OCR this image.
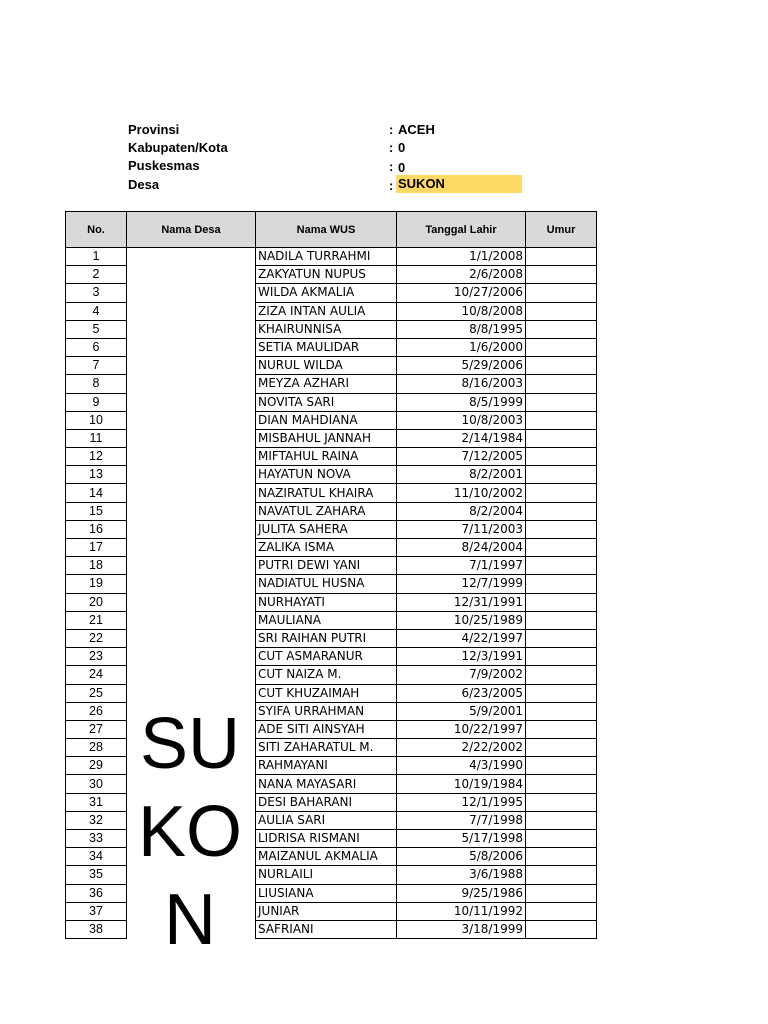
Provinsi	: ACEH
Kabupaten/Kota	: 0
Puskesmas	: 0
Desa	: SUKON
No.	Nama Desa	Nama WUS	Tanggal Lahir	Umur
1		NADILA TURRAHMI	1/1/2008	
2		ZAKYATUN NUPUS	2/6/2008	
3		WILDA AKMALIA	10/27/2006	
4		ZIZA INTAN AULIA	10/8/2008	
5		KHAIRUNNISA	8/8/1995	
6		SETIA MAULIDAR	1/6/2000	
7		NURUL WILDA	5/29/2006	
8		MEYZA AZHARI	8/16/2003	
9		NOVITA SARI	8/5/1999	
10		DIAN MAHDIANA	10/8/2003	
11		MISBAHUL JANNAH	2/14/1984	
12		MIFTAHUL RAINA	7/12/2005	
13		HAYATUN NOVA	8/2/2001	
14		NAZIRATUL KHAIRA	11/10/2002	
15		NAVATUL ZAHARA	8/2/2004	
16		JULITA SAHERA	7/11/2003	
17		ZALIKA ISMA	8/24/2004	
18		PUTRI DEWI YANI	7/1/1997	
19		NADIATUL HUSNA	12/7/1999	
20		NURHAYATI	12/31/1991	
21		MAULIANA	10/25/1989	
22		SRI RAIHAN PUTRI	4/22/1997	
23		CUT ASMARANUR	12/3/1991	
24		CUT NAIZA M.	7/9/2002	
25		CUT KHUZAIMAH	6/23/2005	
26		SYIFA URRAHMAN	5/9/2001	
27		ADE SITI AINSYAH	10/22/1997	
28		SITI ZAHARATUL M.	2/22/2002	
29		RAHMAYANI	4/3/1990	
30		NANA MAYASARI	10/19/1984	
31		DESI BAHARANI	12/1/1995	
32		AULIA SARI	7/7/1998	
33		LIDRISA RISMANI	5/17/1998	
34		MAIZANUL AKMALIA	5/8/2006	
35		NURLAILI	3/6/1988	
36		LIUSIANA	9/25/1986	
37		JUNIAR	10/11/1992	
38		SAFRIANI	3/18/1999	
SU
KO
N
